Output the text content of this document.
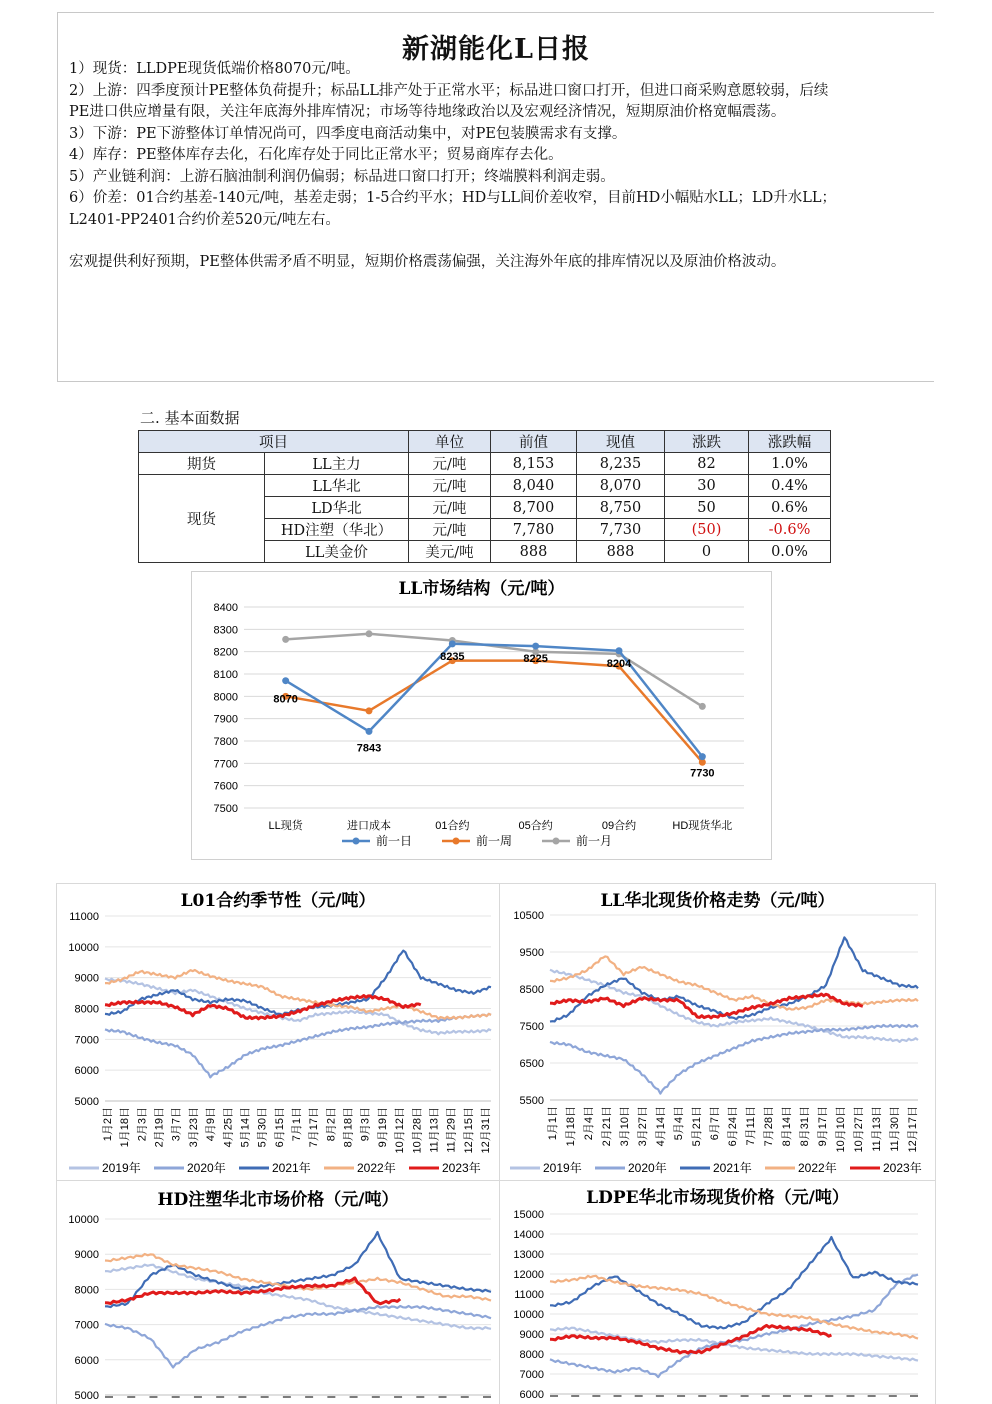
新湖能化L日报
1）现货：LLDPE现货低端价格8070元/吨。
2）上游：四季度预计PE整体负荷提升；标品LL排产处于正常水平；标品进口窗口打开，但进口商采购意愿较弱，后续
PE进口供应增量有限，关注年底海外排库情况；市场等待地缘政治以及宏观经济情况，短期原油价格宽幅震荡。
3）下游：PE下游整体订单情况尚可，四季度电商活动集中，对PE包装膜需求有支撑。
4）库存：PE整体库存去化，石化库存处于同比正常水平；贸易商库存去化。
5）产业链利润：上游石脑油制利润仍偏弱；标品进口窗口打开；终端膜料利润走弱。
6）价差：01合约基差-140元/吨，基差走弱；1-5合约平水；HD与LL间价差收窄，目前HD小幅贴水LL；LD升水LL；
L2401-PP2401合约价差520元/吨左右。
宏观提供利好预期，PE整体供需矛盾不明显，短期价格震荡偏强，关注海外年底的排库情况以及原油价格波动。
二. 基本面数据
项目		单位	前值	现值	涨跌	涨跌幅
期货	LL主力	元/吨	8,153	8,235	82	1.0%
现货	LL华北	元/吨	8,040	8,070	30	0.4%
	LD华北	元/吨	8,700	8,750	50	0.6%
	HD注塑（华北）	元/吨	7,780	7,730	(50)	-0.6%
	LL美金价	美元/吨	888	888	0	0.0%
LL市场结构（元/吨）
7500
7600
7700
7800
7900
8000
8100
8200
8300
8400
LL现货	进口成本	01合约	05合约	09合约	HD现货华北
8070
7843
8235	8225	8204
7730
前一日	前一周	前一月
L01合约季节性（元/吨）
5000
6000
7000
8000
9000
10000
11000
1月2日 1月18日 2月3日 2月19日 3月7日 3月23日 4月9日 4月25日 5月14日 5月30日 6月15日 7月1日 7月17日 8月2日 8月18日 9月3日 9月19日 10月12日 10月28日 11月13日 11月29日 12月15日 12月31日
2019年	2020年	2021年	2022年	2023年
LL华北现货价格走势（元/吨）
5500
6500
7500
8500
9500
10500
1月1日 1月18日 2月4日 2月21日 3月10日 3月27日 4月14日 5月4日 5月21日 6月7日 6月24日 7月11日 7月28日 8月14日 8月31日 9月17日 10月10日 10月27日 11月13日 11月30日 12月17日
2019年	2020年	2021年	2022年	2023年
HD注塑华北市场价格（元/吨）
5000
6000
7000
8000
9000
10000
LDPE华北市场现货价格（元/吨）
6000
7000
8000
9000
10000
11000
12000
13000
14000
15000
